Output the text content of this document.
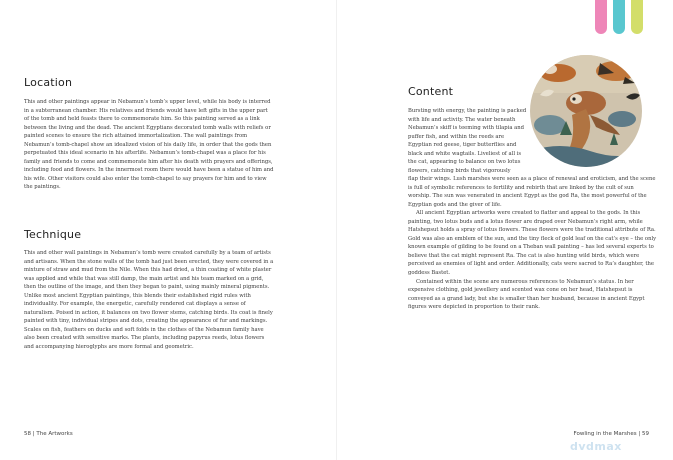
Location

This and other paintings appear in Nebamun’s tomb’s upper level, while his body is interred in a subterranean chamber. His relatives and friends would have left gifts in the upper part of the tomb and held feasts there to commemorate him. So this painting served as a link between the living and the dead. The ancient Egyptians decorated tomb walls with reliefs or painted scenes to ensure the rich attained immortalization. The wall paintings from Nebamun’s tomb-chapel show an idealized vision of his daily life, in order that the gods then perpetuated this ideal scenario in his afterlife. Nebamun’s tomb-chapel was a place for his family and friends to come and commemorate him after his death with prayers and offerings, including food and flowers. In the innermost room there would have been a statue of him and his wife. Other visitors could also enter the tomb-chapel to say prayers for him and to view the paintings.

Technique

This and other wall paintings in Nebamun’s tomb were created carefully by a team of artists and artisans. When the stone walls of the tomb had just been erected, they were covered in a mixture of straw and mud from the Nile. When this had dried, a thin coating of white plaster was applied and while that was still damp, the main artist and his team marked on a grid, then the outline of the image, and then they began to paint, using mainly mineral pigments. Unlike most ancient Egyptian paintings, this blends their established rigid rules with individuality. For example, the energetic, carefully rendered cat displays a sense of naturalism. Poised in action, it balances on two flower stems, catching birds. Its coat is finely painted with tiny, individual stripes and dots, creating the appearance of fur and markings. Scales on fish, feathers on ducks and soft folds in the clothes of the Nebamun family have also been created with sensitive marks. The plants, including papyrus reeds, lotus flowers and accompanying hieroglyphs are more formal and geometric.

58 | The Artworks
Content

Bursting with energy, the painting is packed with life and activity. The water beneath Nebamun’s skiff is teeming with tilapia and puffer fish, and within the reeds are Egyptian red geese, tiger butterflies and black and white wagtails. Liveliest of all is the cat, appearing to balance on two lotus flowers, catching birds that vigorously

flap their wings. Lush marshes were seen as a place of renewal and eroticism, and the scene is full of symbolic references to fertility and rebirth that are linked by the cult of sun worship. The sun was venerated in ancient Egypt as the god Ra, the most powerful of the Egyptian gods and the giver of life.

All ancient Egyptian artworks were created to flatter and appeal to the gods. In this painting, two lotus buds and a lotus flower are draped over Nebamun’s right arm, while Hatshepsut holds a spray of lotus flowers. These flowers were the traditional attribute of Ra. Gold was also an emblem of the sun, and the tiny fleck of gold leaf on the cat’s eye – the only known example of gilding to be found on a Theban wall painting – has led several experts to believe that the cat might represent Ra. The cat is also hunting wild birds, which were perceived as enemies of light and order. Additionally, cats were sacred to Ra’s daughter, the goddess Bastet.

Contained within the scene are numerous references to Nebamun’s status. In her expensive clothing, gold jewellery and scented wax cone on her head, Hatshepsut is conveyed as a grand lady, but she is smaller than her husband, because in ancient Egypt figures were depicted in proportion to their rank.

Fowling in the Marshes | 59
dvdmax
